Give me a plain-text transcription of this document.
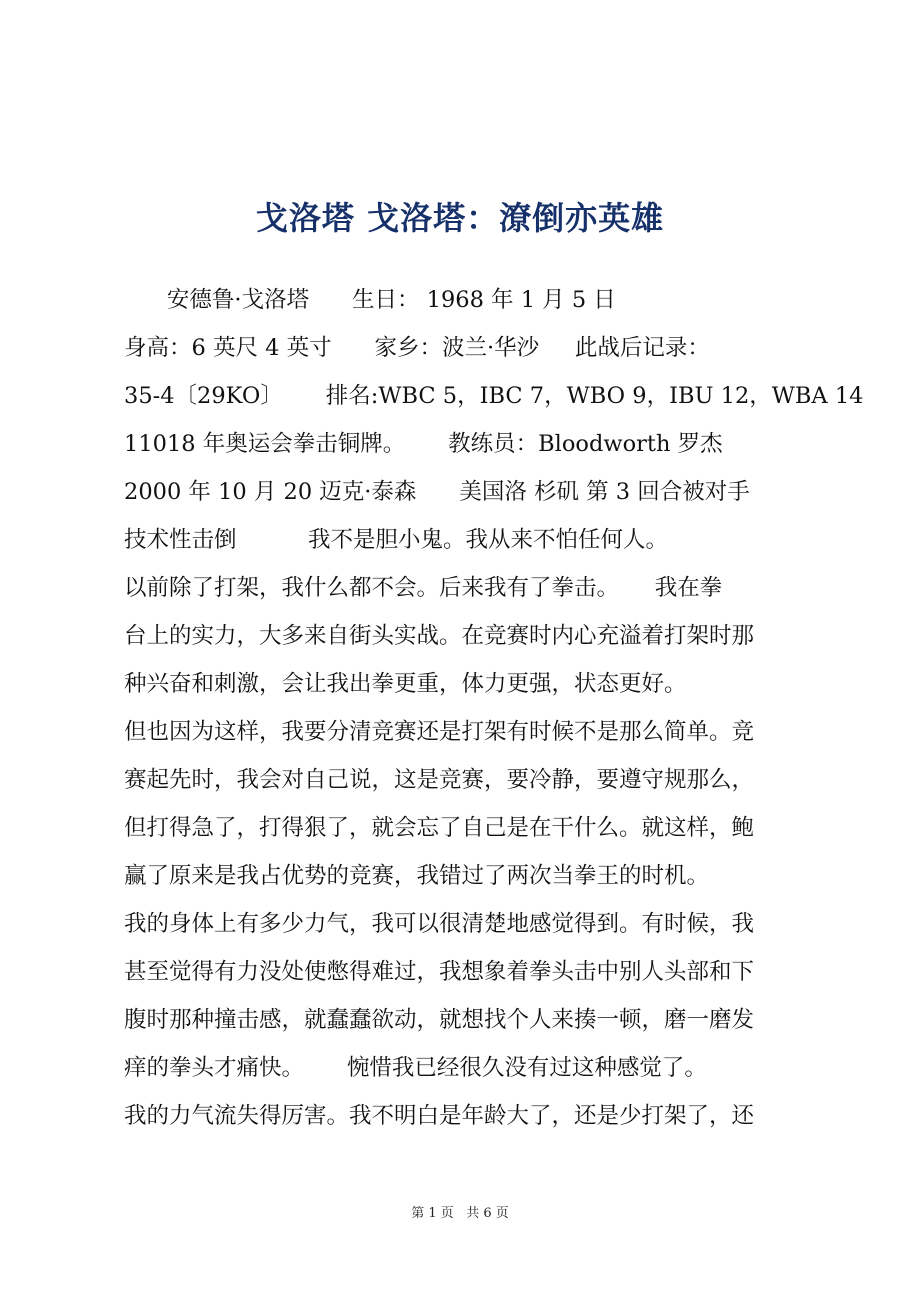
戈洛塔 戈洛塔：潦倒亦英雄
安德鲁·戈洛塔      生日： 1968 年 1 月 5 日
身高：6 英尺 4 英寸      家乡：波兰·华沙     此战后记录：
35-4〔29KO〕      排名:WBC 5，IBC 7，WBO 9，IBU 12，WBA 14
11018 年奥运会拳击铜牌。      教练员：Bloodworth 罗杰
2000 年 10 月 20 迈克·泰森      美国洛 杉矶 第 3 回合被对手
技术性击倒          我不是胆小鬼。我从来不怕任何人。
以前除了打架，我什么都不会。后来我有了拳击。     我在拳
台上的实力，大多来自街头实战。在竞赛时内心充溢着打架时那
种兴奋和刺激，会让我出拳更重，体力更强，状态更好。
但也因为这样，我要分清竞赛还是打架有时候不是那么简单。竞
赛起先时，我会对自己说，这是竞赛，要冷静，要遵守规那么，
但打得急了，打得狠了，就会忘了自己是在干什么。就这样，鲍
赢了原来是我占优势的竞赛，我错过了两次当拳王的时机。
我的身体上有多少力气，我可以很清楚地感觉得到。有时候，我
甚至觉得有力没处使憋得难过，我想象着拳头击中别人头部和下
腹时那种撞击感，就蠢蠢欲动，就想找个人来揍一顿，磨一磨发
痒的拳头才痛快。      惋惜我已经很久没有过这种感觉了。
我的力气流失得厉害。我不明白是年龄大了，还是少打架了，还
第 1 页   共 6 页
